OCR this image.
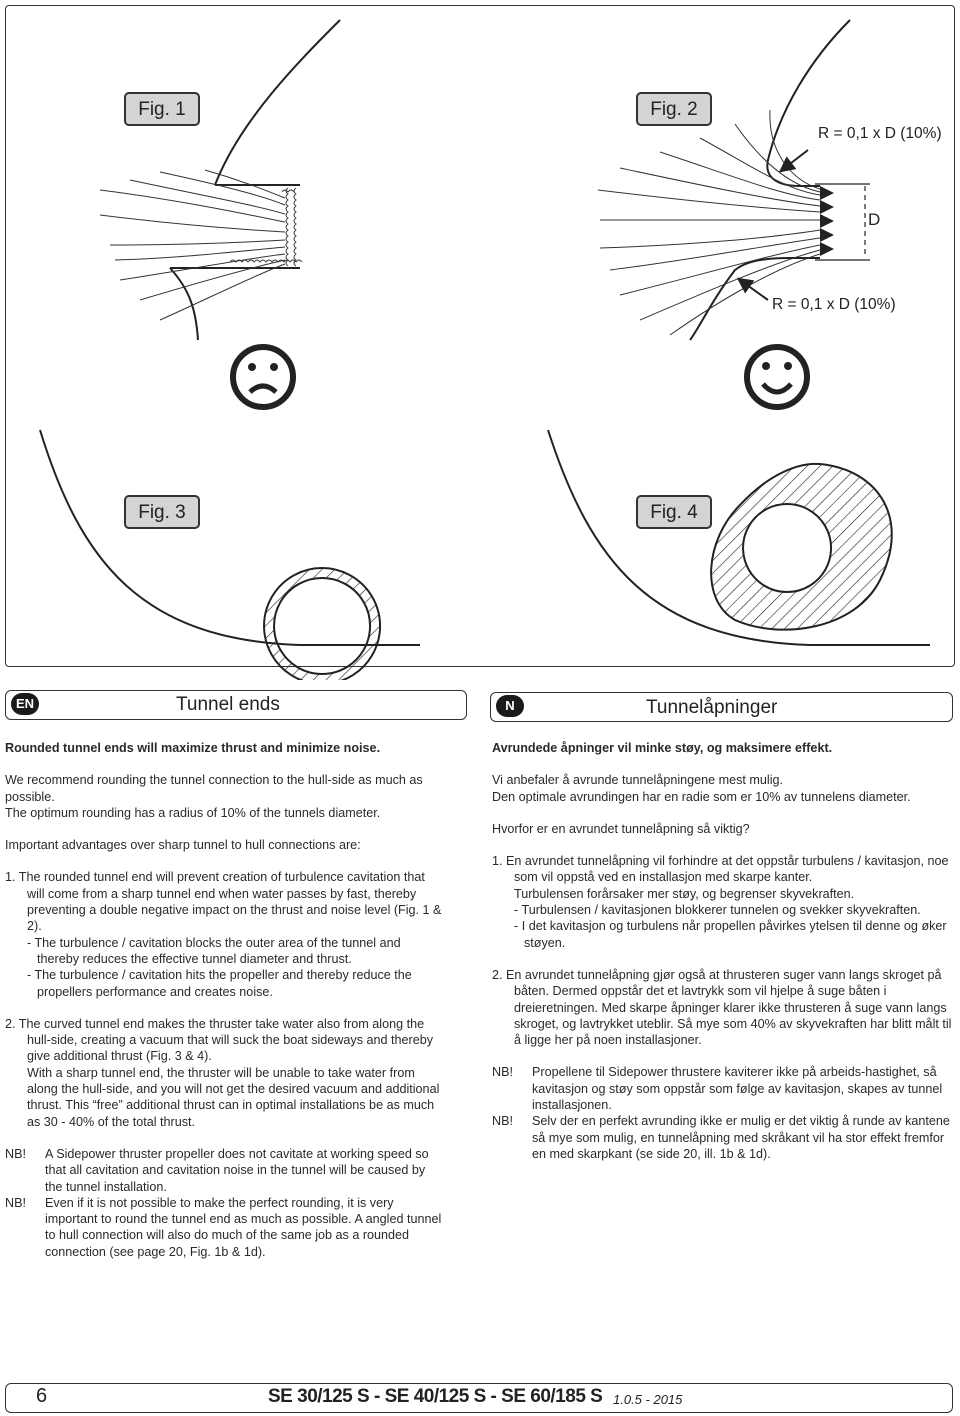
Fig. 1	Fig. 2
Fig. 3	Fig. 4
R = 0,1 x D (10%)
D
R = 0,1 x D (10%)
EN	Tunnel ends	N	Tunnelåpninger

Rounded tunnel ends will maximize thrust and minimize noise.

We recommend rounding the tunnel connection to the hull-side as much as possible.

The optimum rounding has a radius of 10% of the tunnels diameter.

Important advantages over sharp tunnel to hull connections are:

1. The rounded tunnel end will prevent creation of turbulence cavitation that will come from a sharp tunnel end when water passes by fast, thereby preventing a double negative impact on the thrust and noise level (Fig. 1 & 2).

- The turbulence / cavitation blocks the outer area of the tunnel and thereby reduces the effective tunnel diameter and thrust.

- The turbulence / cavitation hits the propeller and thereby reduce the propellers performance and creates noise.

2. The curved tunnel end makes the thruster take water also from along the hull-side, creating a vacuum that will suck the boat sideways and thereby give additional thrust (Fig. 3 & 4).

With a sharp tunnel end, the thruster will be unable to take water from along the hull-side, and you will not get the desired vacuum and additional thrust. This “free” additional thrust can in optimal installations be as much as 30 - 40% of the total thrust.

NB!	A Sidepower thruster propeller does not cavitate at working speed so that all cavitation and cavitation noise in the tunnel will be caused by the tunnel installation.

NB!	Even if it is not possible to make the perfect rounding, it is very important to round the tunnel end as much as possible. A angled tunnel to hull connection will also do much of the same job as a rounded connection (see page 20, Fig. 1b & 1d).

Avrundede åpninger vil minke støy, og maksimere effekt.

Vi anbefaler å avrunde tunnelåpningene mest mulig.

Den optimale avrundingen har en radie som er 10% av tunnelens diameter.

Hvorfor er en avrundet tunnelåpning så viktig?

1. En avrundet tunnelåpning vil forhindre at det oppstår turbulens / kavitasjon, noe som vil oppstå ved en installasjon med skarpe kanter.

Turbulensen forårsaker mer støy, og begrenser skyvekraften.

- Turbulensen / kavitasjonen blokkerer tunnelen og svekker skyvekraften.

- I det kavitasjon og turbulens når propellen påvirkes ytelsen til denne og øker støyen.

2. En avrundet tunnelåpning gjør også at thrusteren suger vann langs skroget på båten. Dermed oppstår det et lavtrykk som vil hjelpe å suge båten i dreieretningen. Med skarpe åpninger klarer ikke thrusteren å suge vann langs skroget, og lavtrykket uteblir. Så mye som 40% av skyvekraften har blitt målt til å ligge her på noen installasjoner.

NB!	Propellene til Sidepower thrustere kaviterer ikke på arbeids-hastighet, så kavitasjon og støy som oppstår som følge av kavitasjon, skapes av tunnel installasjonen.

NB!	Selv der en perfekt avrunding ikke er mulig er det viktig å runde av kantene så mye som mulig, en tunnelåpning med skråkant vil ha stor effekt fremfor en med skarpkant (se side 20, ill. 1b & 1d).

6	SE 30/125 S - SE 40/125 S - SE 60/185 S 1.0.5 - 2015
